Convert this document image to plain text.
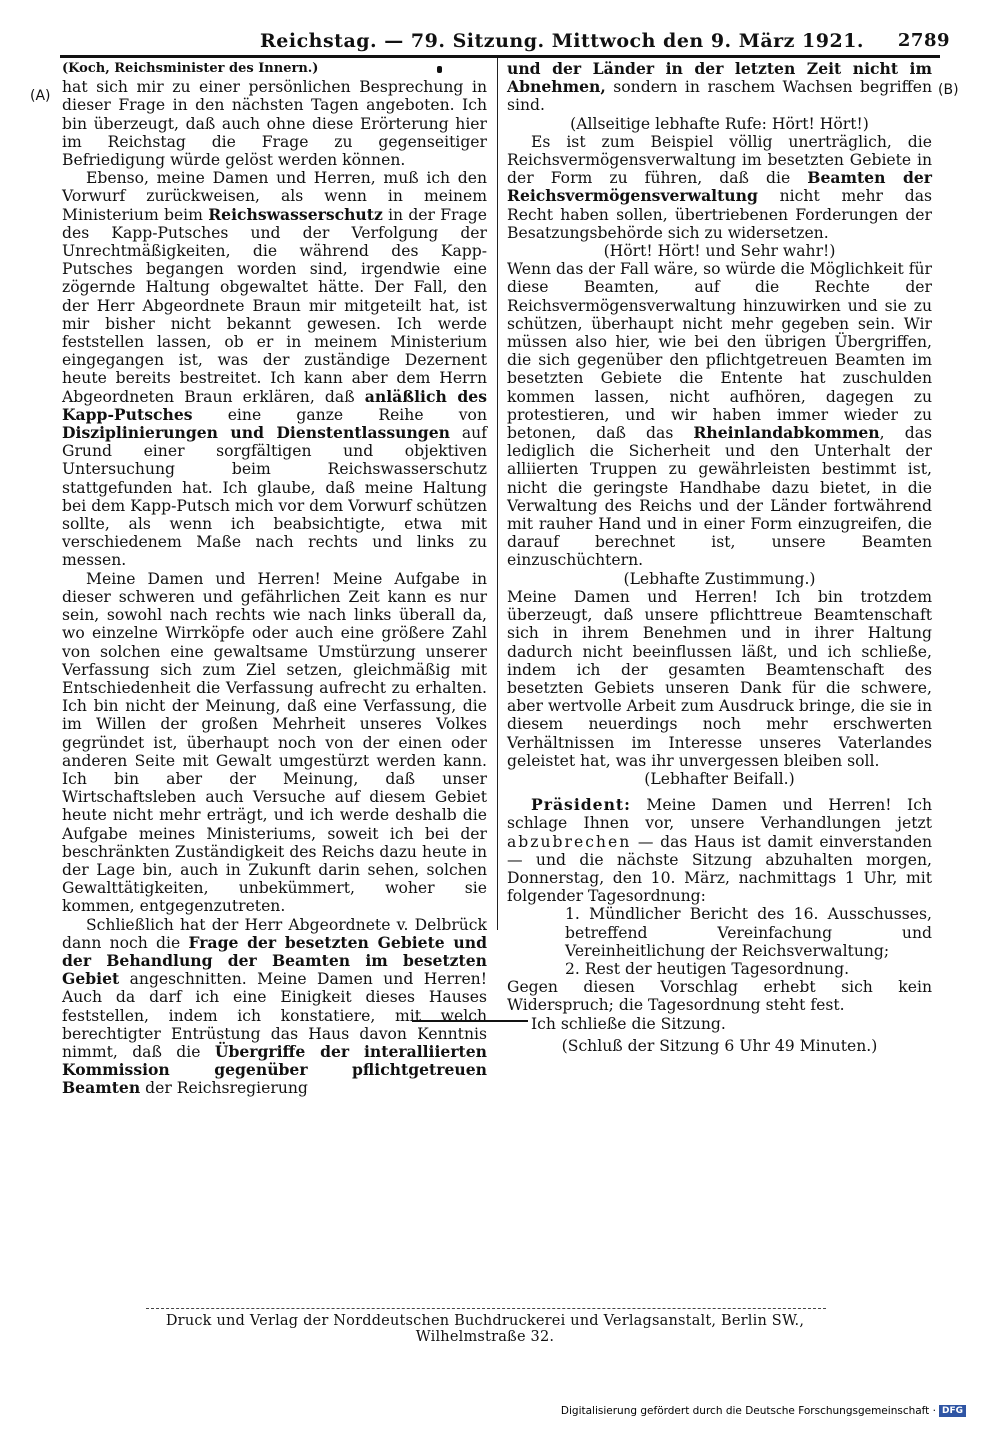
Reichstag. — 79. Sitzung. Mittwoch den 9. März 1921. 2789
(A)	(B)
(Koch, Reichsminister des Innern.)

hat sich mir zu einer persönlichen Besprechung in dieser Frage in den nächsten Tagen angeboten. Ich bin überzeugt, daß auch ohne diese Erörterung hier im Reichstag die Frage zu gegenseitiger Befriedigung würde gelöst werden können.

Ebenso, meine Damen und Herren, muß ich den Vorwurf zurückweisen, als wenn in meinem Ministerium beim Reichswasserschutz in der Frage des Kapp-Putsches und der Verfolgung der Unrechtmäßigkeiten, die während des Kapp-Putsches begangen worden sind, irgendwie eine zögernde Haltung obgewaltet hätte. Der Fall, den der Herr Abgeordnete Braun mir mitgeteilt hat, ist mir bisher nicht bekannt gewesen. Ich werde feststellen lassen, ob er in meinem Ministerium eingegangen ist, was der zuständige Dezernent heute bereits bestreitet. Ich kann aber dem Herrn Abgeordneten Braun erklären, daß anläßlich des Kapp-Putsches eine ganze Reihe von Disziplinierungen und Dienstentlassungen auf Grund einer sorgfältigen und objektiven Untersuchung beim Reichswasserschutz stattgefunden hat. Ich glaube, daß meine Haltung bei dem Kapp-Putsch mich vor dem Vorwurf schützen sollte, als wenn ich beabsichtigte, etwa mit verschiedenem Maße nach rechts und links zu messen.

Meine Damen und Herren! Meine Aufgabe in dieser schweren und gefährlichen Zeit kann es nur sein, sowohl nach rechts wie nach links überall da, wo einzelne Wirrköpfe oder auch eine größere Zahl von solchen eine gewaltsame Umstürzung unserer Verfassung sich zum Ziel setzen, gleichmäßig mit Entschiedenheit die Verfassung aufrecht zu erhalten. Ich bin nicht der Meinung, daß eine Verfassung, die im Willen der großen Mehrheit unseres Volkes gegründet ist, überhaupt noch von der einen oder anderen Seite mit Gewalt umgestürzt werden kann. Ich bin aber der Meinung, daß unser Wirtschaftsleben auch Versuche auf diesem Gebiet heute nicht mehr erträgt, und ich werde deshalb die Aufgabe meines Ministeriums, soweit ich bei der beschränkten Zuständigkeit des Reichs dazu heute in der Lage bin, auch in Zukunft darin sehen, solchen Gewalttätigkeiten, unbekümmert, woher sie kommen, entgegenzutreten.

Schließlich hat der Herr Abgeordnete v. Delbrück dann noch die Frage der besetzten Gebiete und der Behandlung der Beamten im besetzten Gebiet angeschnitten. Meine Damen und Herren! Auch da darf ich eine Einigkeit dieses Hauses feststellen, indem ich konstatiere, mit welch berechtigter Entrüstung das Haus davon Kenntnis nimmt, daß die Übergriffe der interalliierten Kommission gegenüber pflichtgetreuen Beamten der Reichsregierung

und der Länder in der letzten Zeit nicht im Abnehmen, sondern in raschem Wachsen begriffen sind.

(Allseitige lebhafte Rufe: Hört! Hört!)

Es ist zum Beispiel völlig unerträglich, die Reichsvermögensverwaltung im besetzten Gebiete in der Form zu führen, daß die Beamten der Reichsvermögensverwaltung nicht mehr das Recht haben sollen, übertriebenen Forderungen der Besatzungsbehörde sich zu widersetzen.

(Hört! Hört! und Sehr wahr!)

Wenn das der Fall wäre, so würde die Möglichkeit für diese Beamten, auf die Rechte der Reichsvermögensverwaltung hinzuwirken und sie zu schützen, überhaupt nicht mehr gegeben sein. Wir müssen also hier, wie bei den übrigen Übergriffen, die sich gegenüber den pflichtgetreuen Beamten im besetzten Gebiete die Entente hat zuschulden kommen lassen, nicht aufhören, dagegen zu protestieren, und wir haben immer wieder zu betonen, daß das Rheinlandabkommen, das lediglich die Sicherheit und den Unterhalt der alliierten Truppen zu gewährleisten bestimmt ist, nicht die geringste Handhabe dazu bietet, in die Verwaltung des Reichs und der Länder fortwährend mit rauher Hand und in einer Form einzugreifen, die darauf berechnet ist, unsere Beamten einzuschüchtern.

(Lebhafte Zustimmung.)

Meine Damen und Herren! Ich bin trotzdem überzeugt, daß unsere pflichttreue Beamtenschaft sich in ihrem Benehmen und in ihrer Haltung dadurch nicht beeinflussen läßt, und ich schließe, indem ich der gesamten Beamtenschaft des besetzten Gebiets unseren Dank für die schwere, aber wertvolle Arbeit zum Ausdruck bringe, die sie in diesem neuerdings noch mehr erschwerten Verhältnissen im Interesse unseres Vaterlandes geleistet hat, was ihr unvergessen bleiben soll.

(Lebhafter Beifall.)

Präsident: Meine Damen und Herren! Ich schlage Ihnen vor, unsere Verhandlungen jetzt abzubrechen — das Haus ist damit einverstanden — und die nächste Sitzung abzuhalten morgen, Donnerstag, den 10. März, nachmittags 1 Uhr, mit folgender Tagesordnung:

1. Mündlicher Bericht des 16. Ausschusses, betreffend Vereinfachung und Vereinheitlichung der Reichsverwaltung;

2. Rest der heutigen Tagesordnung.

Gegen diesen Vorschlag erhebt sich kein Widerspruch; die Tagesordnung steht fest.

Ich schließe die Sitzung.

(Schluß der Sitzung 6 Uhr 49 Minuten.)

Druck und Verlag der Norddeutschen Buchdruckerei und Verlagsanstalt, Berlin SW., Wilhelmstraße 32.
Digitalisierung gefördert durch die Deutsche Forschungsgemeinschaft · DFG
